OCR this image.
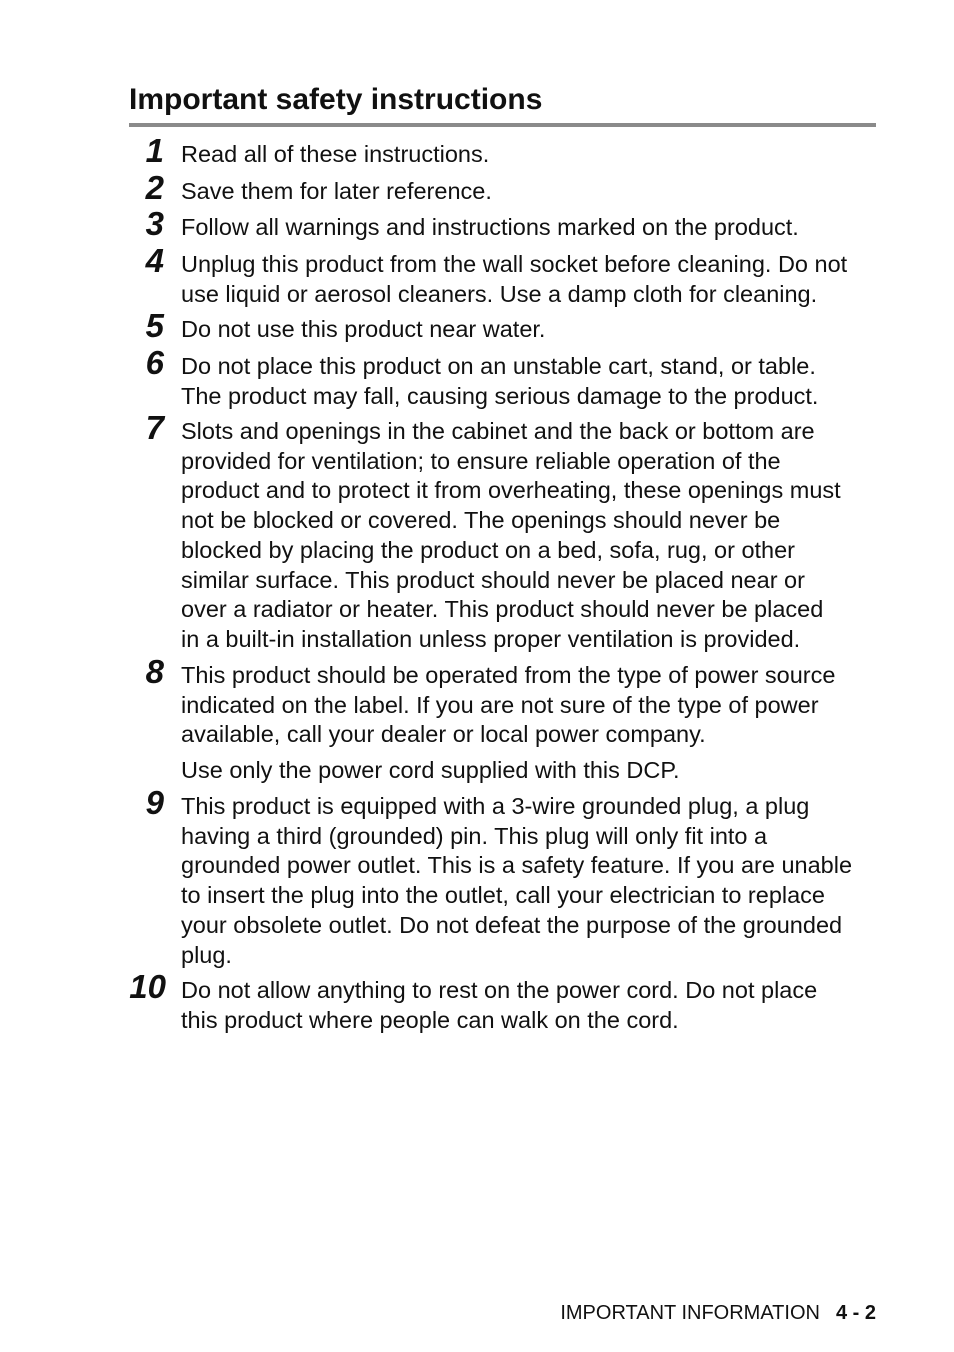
Important safety instructions
1 Read all of these instructions.
2 Save them for later reference.
3 Follow all warnings and instructions marked on the product.
4 Unplug this product from the wall socket before cleaning. Do not
use liquid or aerosol cleaners. Use a damp cloth for cleaning.
5 Do not use this product near water.
6 Do not place this product on an unstable cart, stand, or table.
The product may fall, causing serious damage to the product.
7 Slots and openings in the cabinet and the back or bottom are
provided for ventilation; to ensure reliable operation of the
product and to protect it from overheating, these openings must
not be blocked or covered. The openings should never be
blocked by placing the product on a bed, sofa, rug, or other
similar surface. This product should never be placed near or
over a radiator or heater. This product should never be placed
in a built-in installation unless proper ventilation is provided.
8 This product should be operated from the type of power source
indicated on the label. If you are not sure of the type of power
available, call your dealer or local power company.
Use only the power cord supplied with this DCP.
9 This product is equipped with a 3-wire grounded plug, a plug
having a third (grounded) pin. This plug will only fit into a
grounded power outlet. This is a safety feature. If you are unable
to insert the plug into the outlet, call your electrician to replace
your obsolete outlet. Do not defeat the purpose of the grounded
plug.
10 Do not allow anything to rest on the power cord. Do not place
this product where people can walk on the cord.
IMPORTANT INFORMATION 4 - 2
